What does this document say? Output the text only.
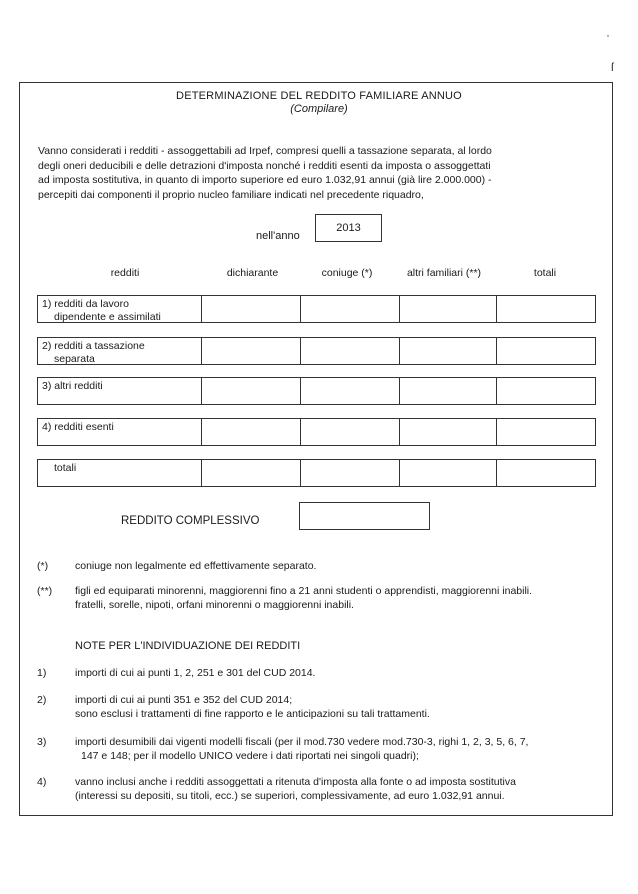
·
ſ
DETERMINAZIONE DEL REDDITO FAMILIARE ANNUO
(Compilare)
Vanno considerati i redditi - assoggettabili ad Irpef, compresi quelli a tassazione separata, al lordo
degli oneri deducibili e delle detrazioni d'imposta nonché i redditi esenti da imposta o assoggettati
ad imposta sostitutiva, in quanto di importo superiore ed euro 1.032,91 annui (già lire 2.000.000) -
percepiti dai componenti il proprio nucleo familiare indicati nel precedente riquadro,
nell'anno
2013
redditi	dichiarante	coniuge (*)	altri familiari (**)	totali
1) redditi da lavoro
dipendente e assimilati
2) redditi a tassazione
separata
3) altri redditi
4) redditi esenti
totali
REDDITO COMPLESSIVO
(*)	coniuge non legalmente ed effettivamente separato.
(**) figli ed equiparati minorenni, maggiorenni fino a 21 anni studenti o apprendisti, maggiorenni inabili.
fratelli, sorelle, nipoti, orfani minorenni o maggiorenni inabili.
NOTE PER L'INDIVIDUAZIONE DEI REDDITI
1)	importi di cui ai punti 1, 2, 251 e 301 del CUD 2014.
2)	importi di cui ai punti 351 e 352 del CUD 2014;
sono esclusi i trattamenti di fine rapporto e le anticipazioni su tali trattamenti.
3)	importi desumibili dai vigenti modelli fiscali (per il mod.730 vedere mod.730-3, righi 1, 2, 3, 5, 6, 7,
147 e 148; per il modello UNICO vedere i dati riportati nei singoli quadri);
4)	vanno inclusi anche i redditi assoggettati a ritenuta d'imposta alla fonte o ad imposta sostitutiva
(interessi su depositi, su titoli, ecc.) se superiori, complessivamente, ad euro 1.032,91 annui.
